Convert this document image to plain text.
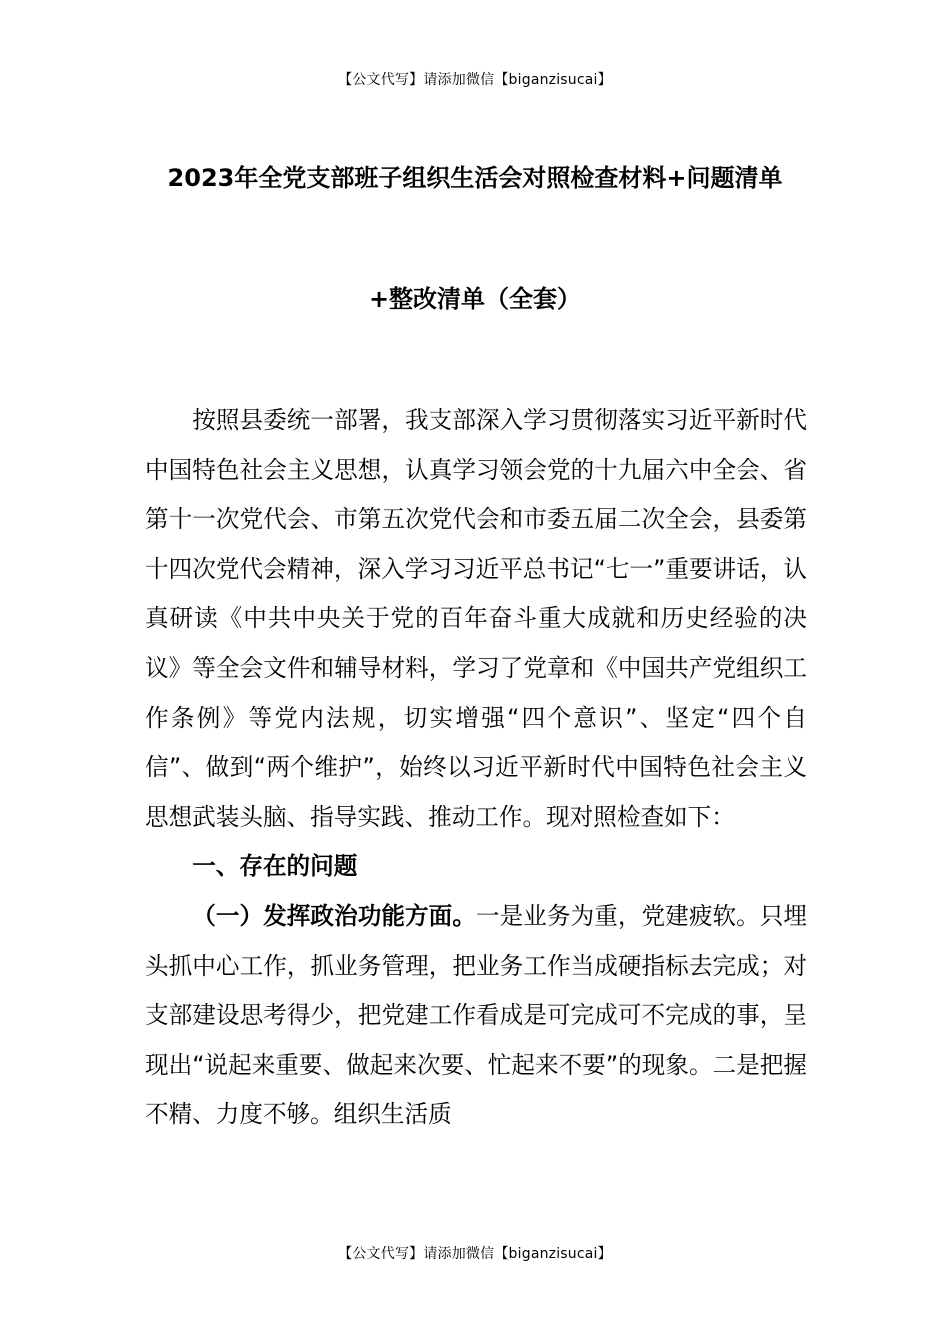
【公文代写】请添加微信【biganzisucai】
2023年全党支部班子组织生活会对照检查材料+问题清单
+整改清单（全套）

按照县委统一部署，我支部深入学习贯彻落实习近平新时代中国特色社会主义思想，认真学习领会党的十九届六中全会、省第十一次党代会、市第五次党代会和市委五届二次全会，县委第十四次党代会精神，深入学习习近平总书记“七一”重要讲话，认真研读《中共中央关于党的百年奋斗重大成就和历史经验的决议》等全会文件和辅导材料，学习了党章和《中国共产党组织工作条例》等党内法规，切实增强“四个意识”、坚定“四个自信”、做到“两个维护”，始终以习近平新时代中国特色社会主义思想武装头脑、指导实践、推动工作。现对照检查如下：

一、存在的问题

（一）发挥政治功能方面。一是业务为重，党建疲软。只埋头抓中心工作，抓业务管理，把业务工作当成硬指标去完成；对支部建设思考得少，把党建工作看成是可完成可不完成的事，呈现出“说起来重要、做起来次要、忙起来不要”的现象。二是把握不精、力度不够。组织生活质

【公文代写】请添加微信【biganzisucai】
